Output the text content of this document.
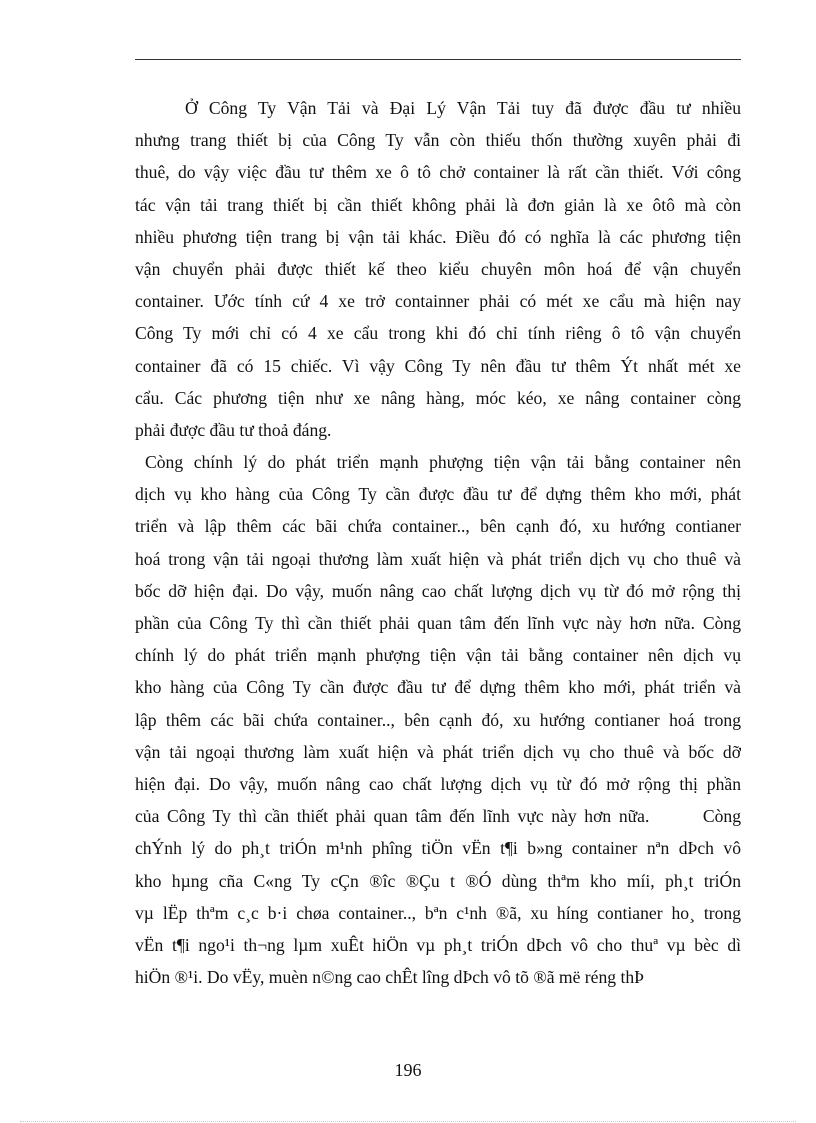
Ở Công Ty Vận Tải và Đại Lý Vận Tải tuy đã được đầu tư nhiều
nhưng trang thiết bị của Công Ty vẫn còn thiếu thốn thường xuyên phải đi
thuê, do vậy việc đầu tư thêm xe ô tô chở container là rất cần thiết. Với công
tác vận tải trang thiết bị cần thiết không phải là đơn giản là xe ôtô mà còn
nhiều phương tiện trang bị vận tải khác. Điều đó có nghĩa là các phương tiện
vận chuyển phải được thiết kế theo kiểu chuyên môn hoá để vận chuyển
container. Ước tính cứ 4 xe trở containner phải có mét xe cẩu mà hiện nay
Công Ty mới chỉ có 4 xe cẩu trong khi đó chỉ tính riêng ô tô vận chuyển
container đã có 15 chiếc. Vì vậy Công Ty nên đầu tư thêm Ýt nhất mét xe
cẩu. Các phương tiện như xe nâng hàng, móc kéo, xe nâng container còng
phải được đầu tư thoả đáng.
Còng chính lý do phát triển mạnh phượng tiện vận tải bằng container nên
dịch vụ kho hàng của Công Ty cần được đầu tư để dựng thêm kho mới, phát
triển và lập thêm các bãi chứa container.., bên cạnh đó, xu hướng contianer
hoá trong vận tải ngoại thương làm xuất hiện và phát triển dịch vụ cho thuê và
bốc dỡ hiện đại. Do vậy, muốn nâng cao chất lượng dịch vụ từ đó mở rộng thị
phần của Công Ty thì cần thiết phải quan tâm đến lĩnh vực này hơn nữa. Còng
chính lý do phát triển mạnh phượng tiện vận tải bằng container nên dịch vụ
kho hàng của Công Ty cần được đầu tư để dựng thêm kho mới, phát triển và
lập thêm các bãi chứa container.., bên cạnh đó, xu hướng contianer hoá trong
vận tải ngoại thương làm xuất hiện và phát triển dịch vụ cho thuê và bốc dỡ
hiện đại. Do vậy, muốn nâng cao chất lượng dịch vụ từ đó mở rộng thị phần
của Công Ty thì cần thiết phải quan tâm đến lĩnh vực này hơn nữa.       Còng
chÝnh lý do ph¸t triÓn m¹nh phîng tiÖn vËn t¶i b»ng container nªn dÞch vô
kho hµng cña C«ng Ty cÇn ®îc ®Çu t ®Ó dùng thªm kho míi, ph¸t triÓn
vµ lËp thªm c¸c b·i chøa container.., bªn c¹nh ®ã, xu híng contianer ho¸ trong
vËn t¶i ngo¹i th¬ng lµm xuÊt hiÖn vµ ph¸t triÓn dÞch vô cho thuª vµ bèc dì
hiÖn ®¹i. Do vËy, muèn n©ng cao chÊt lîng dÞch vô tõ ®ã më réng thÞ
196
